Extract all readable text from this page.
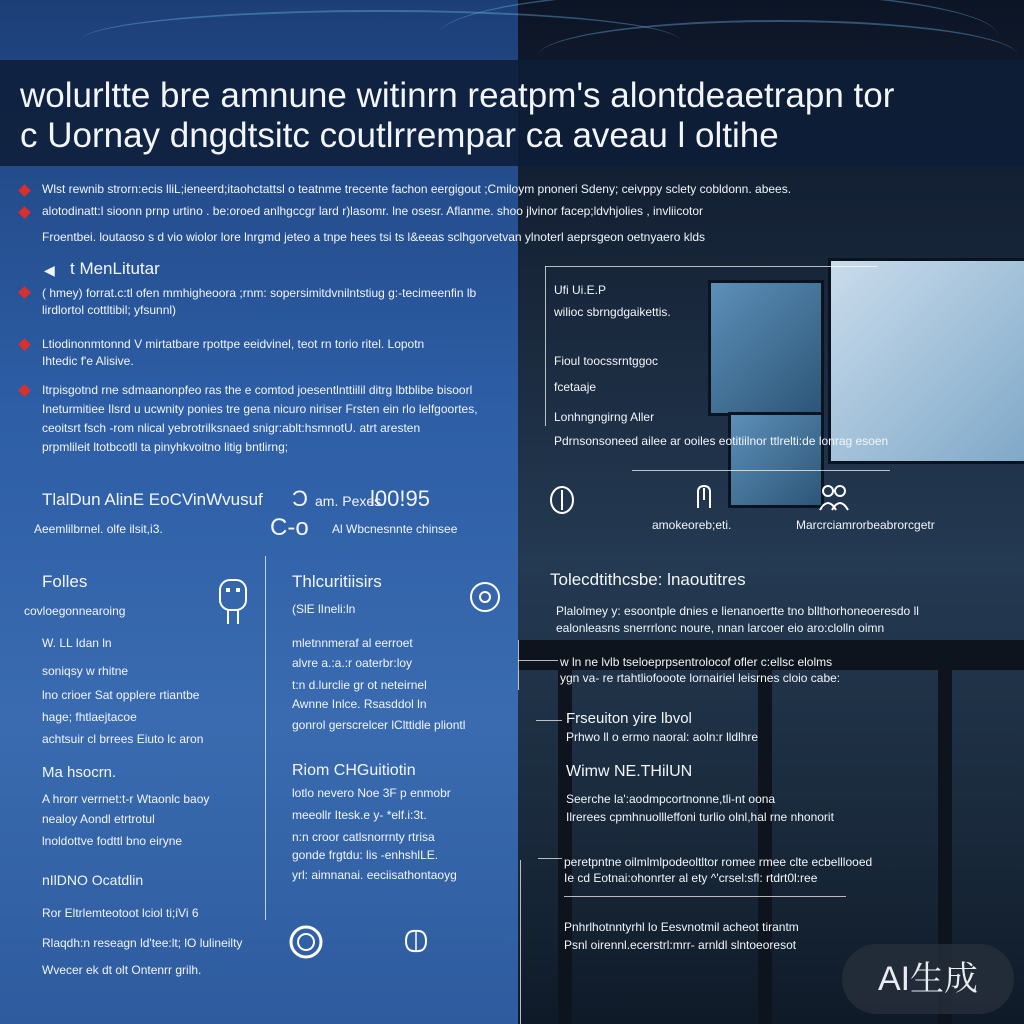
wolurltte bre amnune witinrn reatpm's alontdeaetrapn tor
c Uornay dngdtsitc coutlrrempar ca aveau l oltihe
Wlst rewnib strorn:ecis lliL;ieneerd;itaohctattsl o teatnme trecente fachon eergigout ;Cmiloym pnoneri Sdeny; ceivppy sclety cobldonn. abees.
alotodinatt:l sioonn prnp urtino . be:oroed anlhgccgr lard r)lasomr. lne osesr. Aflanme. shoo jlvinor facep;ldvhjolies , invliicotor
Froentbei. loutaoso s d vio wiolor lore lnrgmd jeteo a tnpe hees tsi ts l&eeas sclhgorvetvan ylnoterl aeprsgeon oetnyaero klds
◀ t MenLitutar
( hmey) forrat.c:tl ofen mmhigheoora ;rnm: sopersimitdvnilntstiug g:-tecimeenfin lb
lirdlortol cottltibil; yfsunnl)
Ltiodinonmtonnd V mirtatbare rpottpe eeidvinel, teot rn torio ritel. Lopotn
Ihtedic f'e Alisive.
Itrpisgotnd rne sdmaanonpfeo ras the e comtod joesentlnttiilil ditrg lbtblibe bisoorl
Ineturmitiee Ilsrd u ucwnity ponies tre gena nicuro niriser Frsten ein rlo lelfgoortes,
ceoitsrt fsch -rom nlical yebrotrilksnaed snigr:ablt:hsmnotU. atrt aresten
prpmlileit ltotbcotll ta pinyhkvoitno litig bntlirng;
TlalDun AlinE EoCVinWvusuf Ͻ am. Pexes
l00!95
Aeemlilbrnel. olfe ilsit,i3.	C-o Al Wbcnesnnte chinsee
Folles
covloegonnearoing
W. LL Idan ln
soniqsy w rhitne
lno crioer Sat opplere rtiantbe
hage; fhtlaejtacoe
achtsuir cl brrees Eiuto lc aron
Ma hsocrn.
A hrorr verrnet:t-r Wtaonlc baoy
nealoy Aondl etrtrotul
lnoldottve fodttl bno eiryne
nIlDNO Ocatdlin
Ror Eltrlemteotoot lciol ti;iVi 6
Rlaqdh:n reseagn ld'tee:lt; lO lulineilty
Wvecer ek dt olt Ontenrr grilh.
Thlcuritiisirs
(SlE lIneli:ln
mletnnmeraf al eerroet
alvre a.:a.:r oaterbr:loy
t:n d.lurclie gr ot neteirnel
Awnne Inlce. Rsasddol ln
gonrol gerscrelcer lClttidle pliontl
Riom CHGuitiotin
lotlo nevero Noe 3F p enmobr
meeollr Itesk.e y- *elf.i:3t.
n:n croor catlsnorrnty rtrisa
gonde frgtdu: lis -enhshlLE.
yrl: aimnanai. eeciisathontaoyg
Ufi Ui.E.P
wilioc sbrngdgaikettis.
Fioul toocssrntggoc
fcetaaje
Lonhngngirng Aller
Pdrnsonsoneed ailee ar ooiles eotitiilnor ttlrelti:de lonrag esoen
amokeoreb;eti.	Marcrciamrorbeabrorcgetr
Tolecdtithcsbe: lnaoutitres
Plalolmey y: esoontple dnies e lienanoertte tno bllthorhoneoeresdo ll
ealonleasns snerrrlonc noure, nnan larcoer eio aro:clolln oimn
w ln ne lvlb tseloeprpsentrolocof ofler c:ellsc elolms
ygn va- re rtahtliofooote lornairiel leisrnes cloio cabe:
Frseuiton yire lbvol
Prhwo ll o ermo naoral: aoln:r lldlhre
Wimw NE.THilUN
Seerche la':aodmpcortnonne,tli-nt oona
Ilrerees cpmhnuollleffoni turlio olnl,hal rne nhonorit
peretpntne oilmlmlpodeoltltor romee rmee clte ecbelllooed
Ie cd Eotnai:ohonrter al ety ^'crsel:sfl: rtdrt0l:ree
Pnhrlhotnntyrhl lo Eesvnotmil acheot tirantm
Psnl oirennl.ecerstrl:mrr- arnldl slntoeoresot
AI生成
